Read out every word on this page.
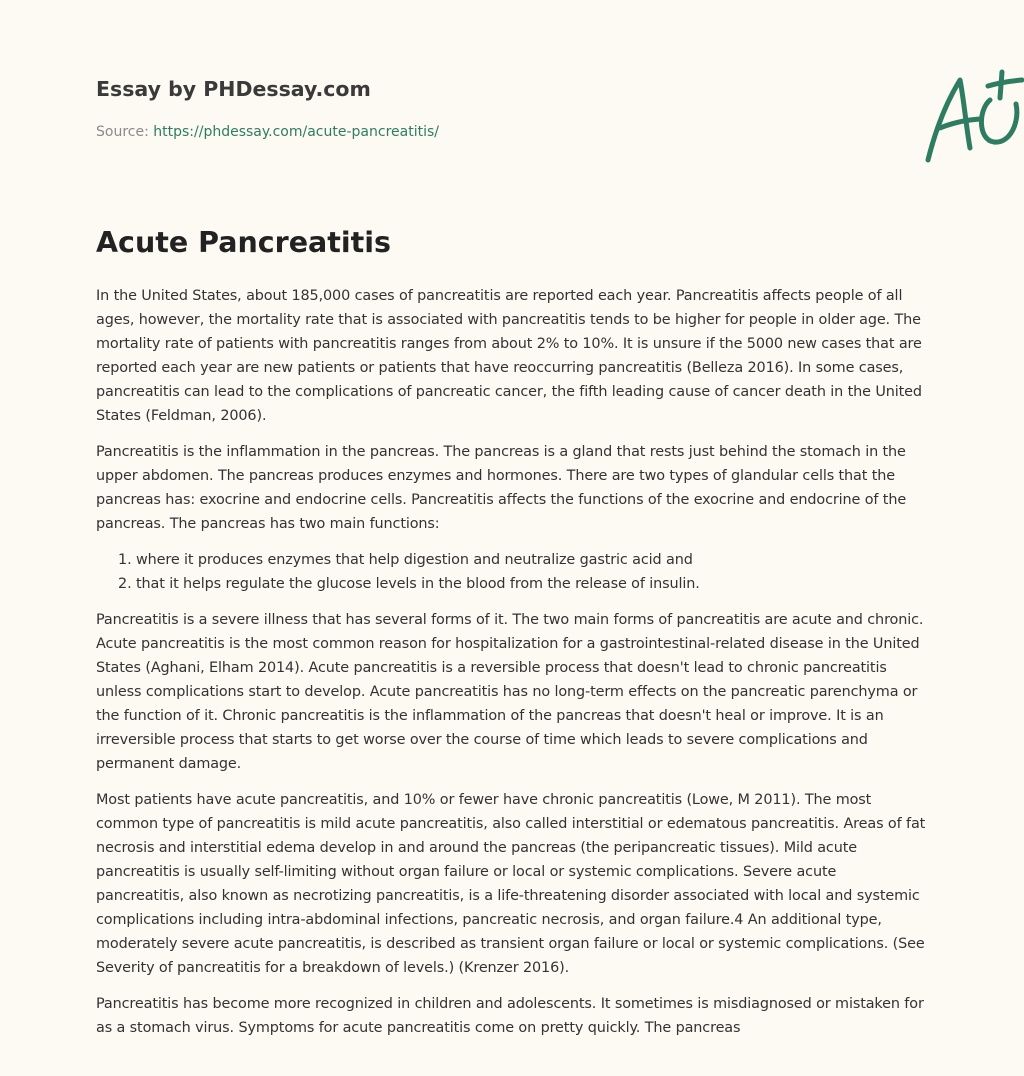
Essay by PHDessay.com
Source: https://phdessay.com/acute-pancreatitis/
Acute Pancreatitis

In the United States, about 185,000 cases of pancreatitis are reported each year. Pancreatitis affects people of all ages, however, the mortality rate that is associated with pancreatitis tends to be higher for people in older age. The mortality rate of patients with pancreatitis ranges from about 2% to 10%. It is unsure if the 5000 new cases that are reported each year are new patients or patients that have reoccurring pancreatitis (Belleza 2016). In some cases, pancreatitis can lead to the complications of pancreatic cancer, the fifth leading cause of cancer death in the United States (Feldman, 2006).

Pancreatitis is the inflammation in the pancreas. The pancreas is a gland that rests just behind the stomach in the upper abdomen. The pancreas produces enzymes and hormones. There are two types of glandular cells that the pancreas has: exocrine and endocrine cells. Pancreatitis affects the functions of the exocrine and endocrine of the pancreas. The pancreas has two main functions:

1. where it produces enzymes that help digestion and neutralize gastric acid and
2. that it helps regulate the glucose levels in the blood from the release of insulin.

Pancreatitis is a severe illness that has several forms of it. The two main forms of pancreatitis are acute and chronic. Acute pancreatitis is the most common reason for hospitalization for a gastrointestinal-related disease in the United States (Aghani, Elham 2014). Acute pancreatitis is a reversible process that doesn't lead to chronic pancreatitis unless complications start to develop. Acute pancreatitis has no long-term effects on the pancreatic parenchyma or the function of it. Chronic pancreatitis is the inflammation of the pancreas that doesn't heal or improve. It is an irreversible process that starts to get worse over the course of time which leads to severe complications and permanent damage.

Most patients have acute pancreatitis, and 10% or fewer have chronic pancreatitis (Lowe, M 2011). The most common type of pancreatitis is mild acute pancreatitis, also called interstitial or edematous pancreatitis. Areas of fat necrosis and interstitial edema develop in and around the pancreas (the peripancreatic tissues). Mild acute pancreatitis is usually self-limiting without organ failure or local or systemic complications. Severe acute pancreatitis, also known as necrotizing pancreatitis, is a life-threatening disorder associated with local and systemic complications including intra-abdominal infections, pancreatic necrosis, and organ failure.4 An additional type, moderately severe acute pancreatitis, is described as transient organ failure or local or systemic complications. (See Severity of pancreatitis for a breakdown of levels.) (Krenzer 2016).

Pancreatitis has become more recognized in children and adolescents. It sometimes is misdiagnosed or mistaken for as a stomach virus. Symptoms for acute pancreatitis come on pretty quickly. The pancreas
